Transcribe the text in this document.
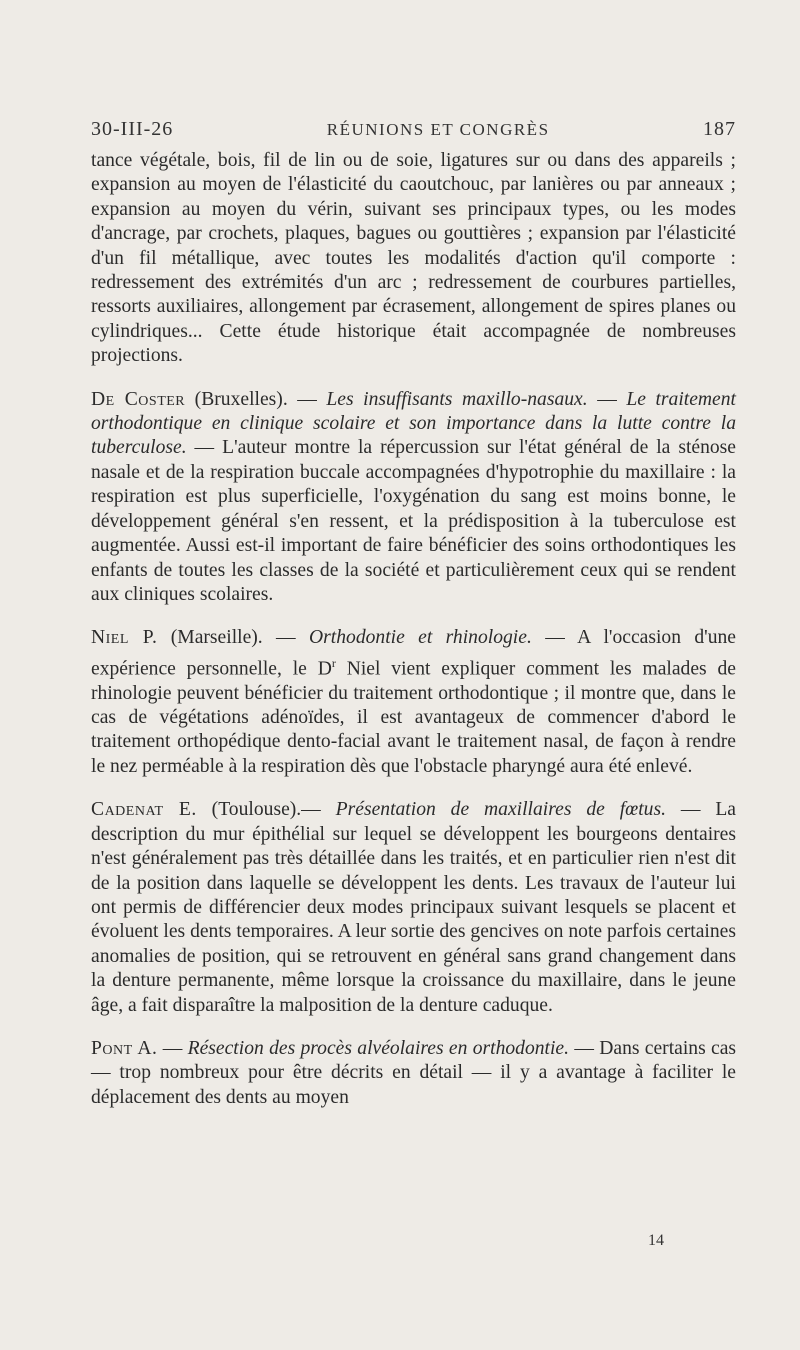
30-III-26	RÉUNIONS ET CONGRÈS	187

tance végétale, bois, fil de lin ou de soie, ligatures sur ou dans des appareils ; expansion au moyen de l'élasticité du caoutchouc, par lanières ou par anneaux ; expansion au moyen du vérin, suivant ses principaux types, ou les modes d'ancrage, par crochets, plaques, bagues ou gouttières ; expansion par l'élasticité d'un fil métallique, avec toutes les modalités d'action qu'il comporte : redressement des extrémités d'un arc ; redressement de courbures partielles, ressorts auxiliaires, allongement par écrasement, allongement de spires planes ou cylindriques... Cette étude historique était accompagnée de nombreuses projections.

De Coster (Bruxelles). — Les insuffisants maxillo-nasaux. — Le traitement orthodontique en clinique scolaire et son importance dans la lutte contre la tuberculose. — L'auteur montre la répercussion sur l'état général de la sténose nasale et de la respiration buccale accompagnées d'hypotrophie du maxillaire : la respiration est plus superficielle, l'oxygénation du sang est moins bonne, le développement général s'en ressent, et la prédisposition à la tuberculose est augmentée. Aussi est-il important de faire bénéficier des soins orthodontiques les enfants de toutes les classes de la société et particulièrement ceux qui se rendent aux cliniques scolaires.

Niel P. (Marseille). — Orthodontie et rhinologie. — A l'occasion d'une expérience personnelle, le $D^r$ Niel vient expliquer comment les malades de rhinologie peuvent bénéficier du traitement orthodontique ; il montre que, dans le cas de végétations adénoïdes, il est avantageux de commencer d'abord le traitement orthopédique dento-facial avant le traitement nasal, de façon à rendre le nez perméable à la respiration dès que l'obstacle pharyngé aura été enlevé.

Cadenat E. (Toulouse).— Présentation de maxillaires de fœtus. — La description du mur épithélial sur lequel se développent les bourgeons dentaires n'est généralement pas très détaillée dans les traités, et en particulier rien n'est dit de la position dans laquelle se développent les dents. Les travaux de l'auteur lui ont permis de différencier deux modes principaux suivant lesquels se placent et évoluent les dents temporaires. A leur sortie des gencives on note parfois certaines anomalies de position, qui se retrouvent en général sans grand changement dans la denture permanente, même lorsque la croissance du maxillaire, dans le jeune âge, a fait disparaître la malposition de la denture caduque.

Pont A. — Résection des procès alvéolaires en orthodontie. — Dans certains cas — trop nombreux pour être décrits en détail — il y a avantage à faciliter le déplacement des dents au moyen

14
